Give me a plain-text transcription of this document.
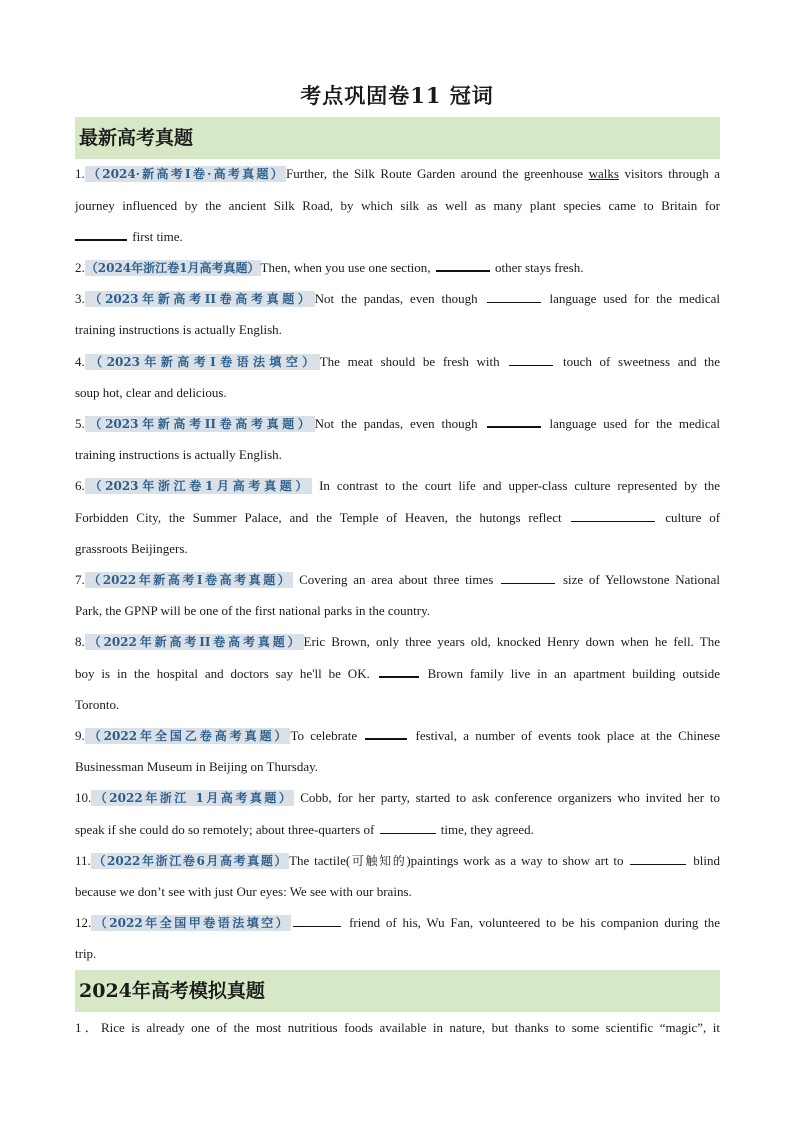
考点巩固卷11 冠词
最新高考真题
1.（2024·新高考I卷·高考真题）Further, the Silk Route Garden around the greenhouse walks visitors through a
journey influenced by the ancient Silk Road, by which silk as well as many plant species came to Britain for
first time.
2.（2024年浙江卷1月高考真题）Then, when you use one section,	other stays fresh.
3.（2023年新高考II卷高考真题）Not the pandas, even though	language used for the medical
training instructions is actually English.
4.（2023年新高考I卷语法填空）The meat should be fresh with	touch of sweetness and the
soup hot, clear and delicious.
5.（2023年新高考II卷高考真题）Not the pandas, even though	language used for the medical
training instructions is actually English.
6.（2023年浙江卷1月高考真题） In contrast to the court life and upper-class culture represented by the
Forbidden City, the Summer Palace, and the Temple of Heaven, the hutongs reflect	culture of
grassroots Beijingers.
7.（2022年新高考I卷高考真题） Covering an area about three times	size of Yellowstone National
Park, the GPNP will be one of the first national parks in the country.
8.（2022年新高考II卷高考真题）Eric Brown, only three years old, knocked Henry down when he fell. The
boy is in the hospital and doctors say he'll be OK.	Brown family live in an apartment building outside
Toronto.
9.（2022年全国乙卷高考真题）To celebrate	festival, a number of events took place at the Chinese
Businessman Museum in Beijing on Thursday.
10.（2022年浙江 1月高考真题） Cobb, for her party, started to ask conference organizers who invited her to
speak if she could do so remotely; about three-quarters of	time, they agreed.
11.（2022年浙江卷6月高考真题）The tactile(可触知的)paintings work as a way to show art to	blind
because we don’t see with just Our eyes: We see with our brains.
12.（2022年全国甲卷语法填空）	friend of his, Wu Fan, volunteered to be his companion during the
trip.
2024年高考模拟真题
1．Rice is already one of the most nutritious foods available in nature, but thanks to some scientific “magic”, it
